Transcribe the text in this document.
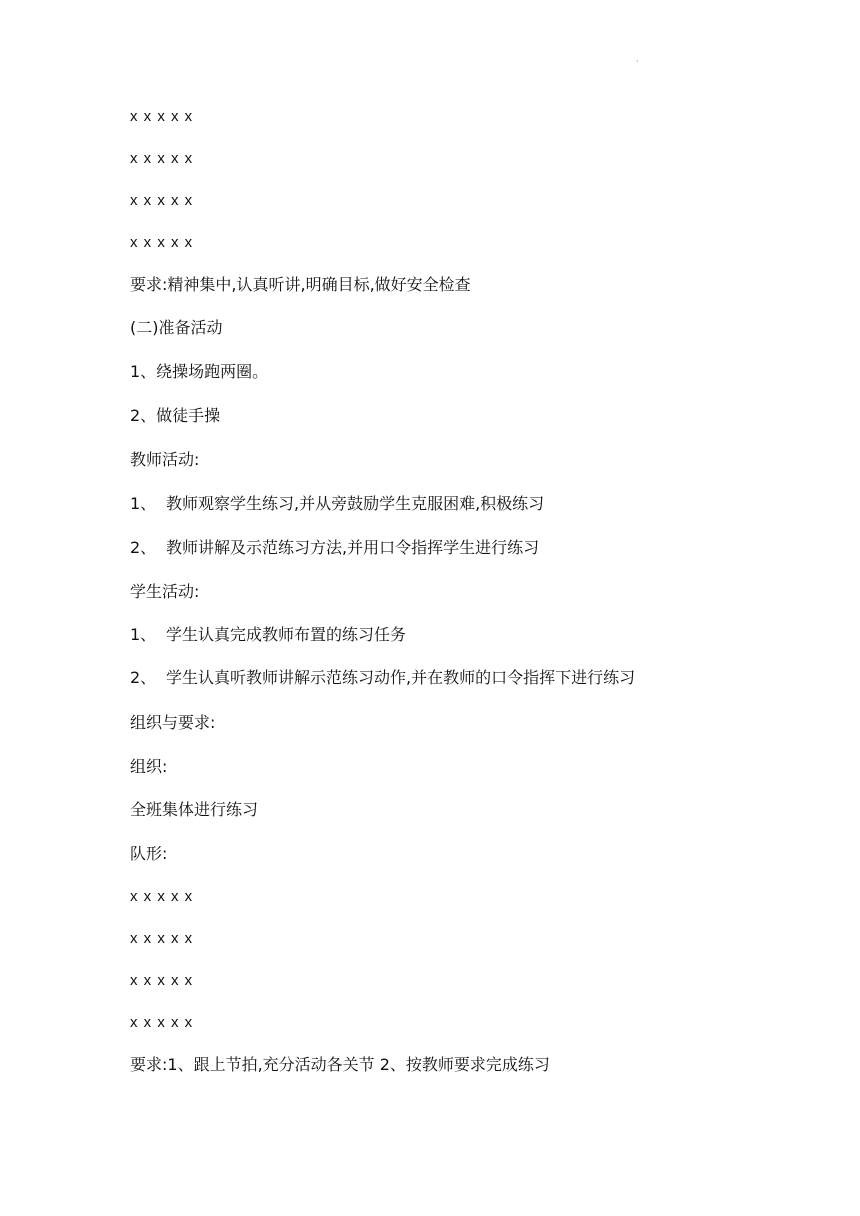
·
x x x x x
x x x x x
x x x x x
x x x x x
要求:精神集中,认真听讲,明确目标,做好安全检查
(二)准备活动
1、绕操场跑两圈。
2、做徒手操
教师活动:
1、 教师观察学生练习,并从旁鼓励学生克服困难,积极练习
2、 教师讲解及示范练习方法,并用口令指挥学生进行练习
学生活动:
1、 学生认真完成教师布置的练习任务
2、 学生认真听教师讲解示范练习动作,并在教师的口令指挥下进行练习
组织与要求:
组织:
全班集体进行练习
队形:
x x x x x
x x x x x
x x x x x
x x x x x
要求:1、跟上节拍,充分活动各关节 2、按教师要求完成练习
